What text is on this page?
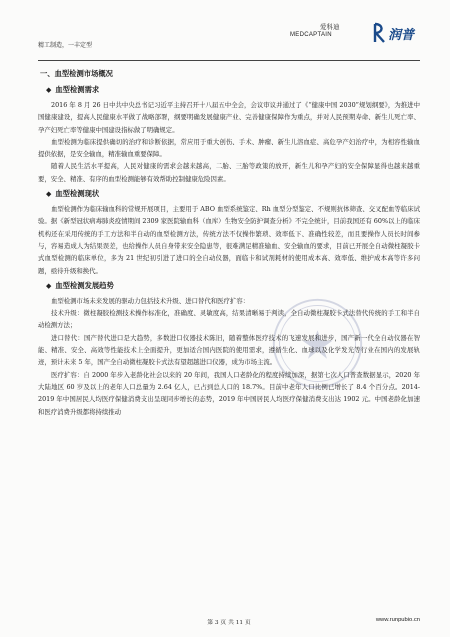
精工制造，一丰定型
爱科迪
MEDCAPTAIN	润普
一、血型检测市场概况
◆ 血型检测需求

2016 年 8 月 26 日中共中央总书记习近平主持召开十八届五中全会，会议审议并通过了《“健康中国 2030”规划纲要》，为推进中国健康建设，提高人民健康水平做了战略部署，纲要明确发展健康产业、完善健康保障作为重点，并对人民预期寿命、新生儿死亡率、孕产妇死亡率等健康中国建设指标做了明确规定。

血型检测为临床提供确切的治疗和诊断依据，常应用于重大创伤、手术、肿瘤、新生儿溶血症、高危孕产妇治疗中，为相容性输血提供依据，是安全输血，精准输血重要保障。

随着人民生活水平提高，人民对健康的需求会越来越高，二胎、三胎等政策的放开，新生儿和孕产妇的安全保障显得也越来越重要，安全、精准、有序的血型检测能够有效帮助控制健康危险因素。

◆ 血型检测现状

血型检测作为临床输血科的常规开展项目，主要用于 ABO 血型系统鉴定、Rh 血型分型鉴定、不规则抗体筛查、交叉配血等临床试验。据《新型冠状病毒肺炎疫情期间 2309 家医院输血科（血库）生物安全防护调查分析》不完全统计，目前我国还有 60%以上的临床机构还在采用传统的手工方法和半自动的血型检测方法，传统方法不仅操作繁琐、效率低下、准确性较差，而且要操作人员长时间参与，容易造成人为结果误差，也给操作人员自身带来安全隐患等，很难满足精准输血、安全输血的要求，目前已开展全自动微柱凝胶卡式血型检测的临床单位，多为 21 世纪初引进了进口的全自动仪器，面临卡和试剂耗材的使用成本高、效率低、维护成本高等许多问题，亟待升级和换代。

◆ 血型检测发展趋势

血型检测市场未来发展的驱动力包括技术升级、进口替代和医疗扩容：

技术升级：微柱凝胶检测技术操作标准化，准确度、灵敏度高，结果清晰易于判读，全自动微柱凝胶卡式法替代传统的手工和半自动检测方法；

进口替代：国产替代进口是大趋势，多数进口仪器技术陈旧，随着整体医疗技术的飞速发展和进步，国产新一代全自动仪器在智能、精准、安全、高效等性能技术上全面提升，更加适合国内医院的使用需求，遵循生化、血球以及化学发光等行业在国内的发展轨迹，预计未来 5 年，国产全自动微柱凝胶卡式法有望超越进口仪器，成为市场主流。

医疗扩容：自 2000 年步入老龄化社会以来的 20 年间，我国人口老龄化的程度持续加深，据第七次人口普查数据显示，2020 年大陆地区 60 岁及以上的老年人口总量为 2.64 亿人，已占到总人口的 18.7%。目前中老年人口比例已增长了 8.4 个百分点。2014-2019 年中国居民人均医疗保健消费支出呈现同步增长的态势，2019 年中国居民人均医疗保健消费支出达 1902 元。中国老龄化加速和医疗消费升级都将持续推动

第 3 页 共 11 页	www.runpubio.cn
